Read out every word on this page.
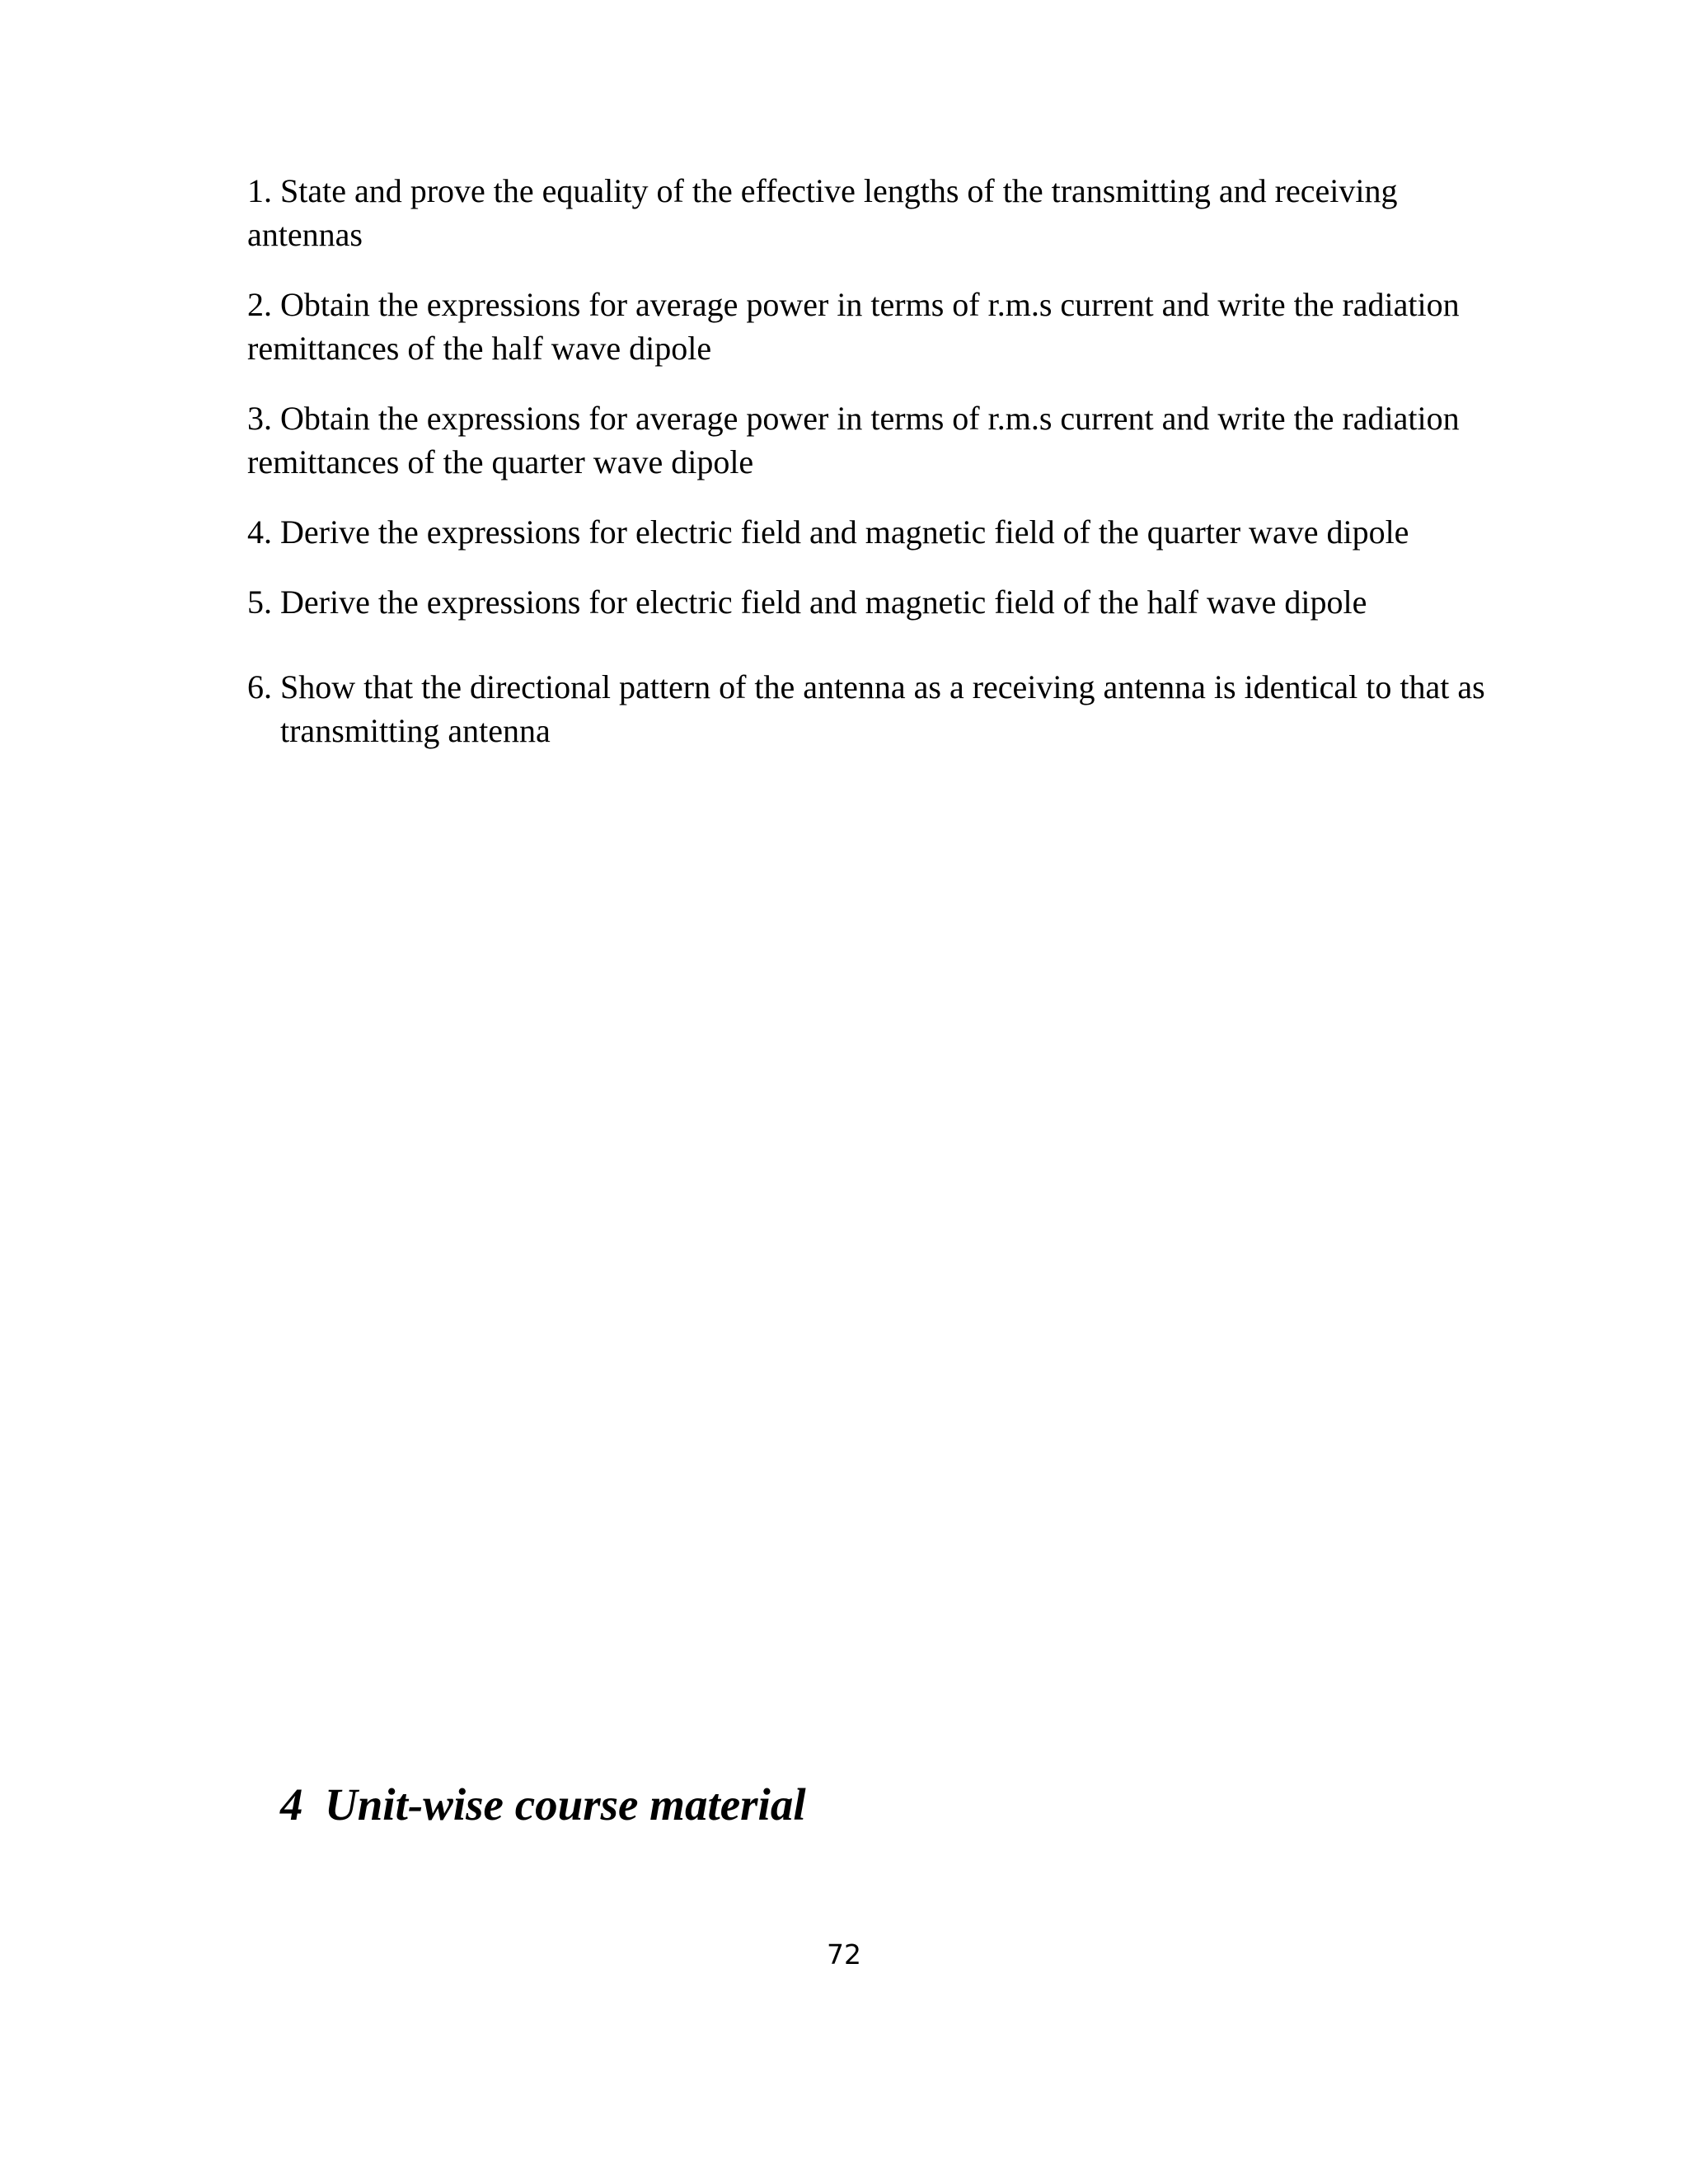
1. State and prove the equality of the effective lengths of the transmitting and receiving antennas

2. Obtain the expressions for average power in terms of r.m.s current and write the radiation remittances of the half wave dipole

3. Obtain the expressions for average power in terms of r.m.s current and write the radiation remittances of the quarter wave dipole

4. Derive the expressions for electric field and magnetic field of the quarter wave dipole

5. Derive the expressions for electric field and magnetic field of the half wave dipole

6. Show that the directional pattern of the antenna as a receiving antenna is identical to that as transmitting antenna

4 Unit-wise course material
72
